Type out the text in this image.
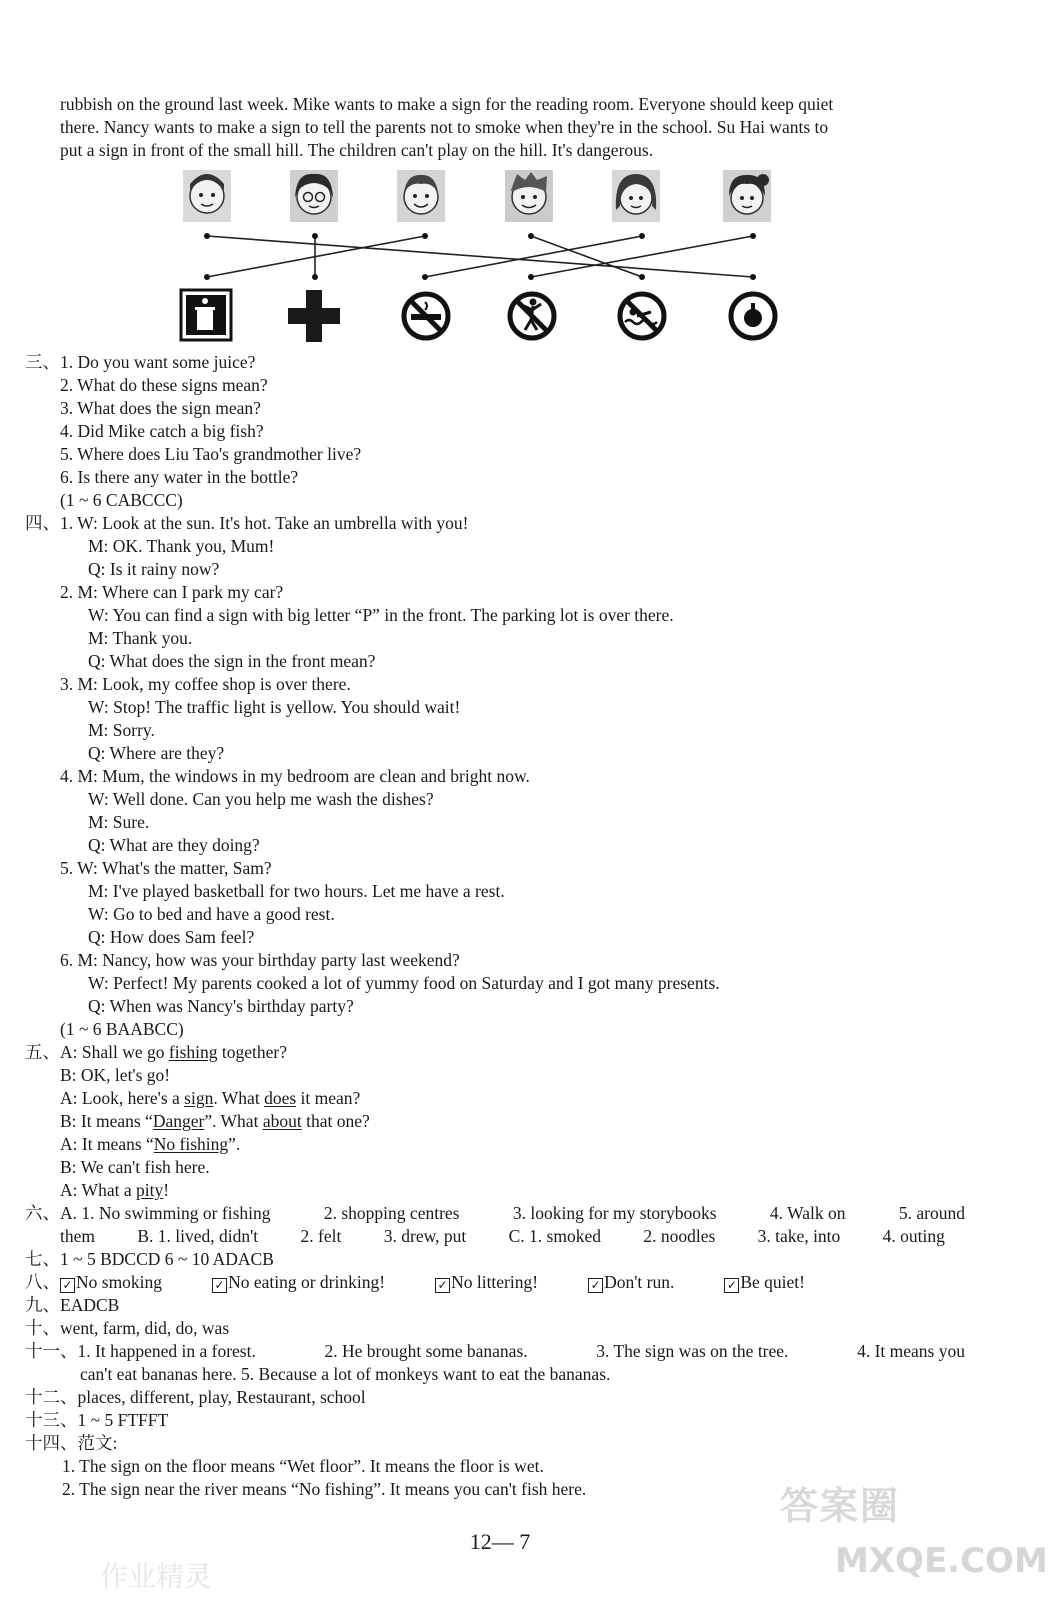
rubbish on the ground last week. Mike wants to make a sign for the reading room. Everyone should keep quiet
there. Nancy wants to make a sign to tell the parents not to smoke when they're in the school. Su Hai wants to
put a sign in front of the small hill. The children can't play on the hill. It's dangerous.
三、 1. Do you want some juice?
2. What do these signs mean?
3. What does the sign mean?
4. Did Mike catch a big fish?
5. Where does Liu Tao's grandmother live?
6. Is there any water in the bottle?
(1 ~ 6 CABCCC)
四、 1. W: Look at the sun. It's hot. Take an umbrella with you!
M: OK. Thank you, Mum!
Q: Is it rainy now?
2. M: Where can I park my car?
W: You can find a sign with big letter “P” in the front. The parking lot is over there.
M: Thank you.
Q: What does the sign in the front mean?
3. M: Look, my coffee shop is over there.
W: Stop! The traffic light is yellow. You should wait!
M: Sorry.
Q: Where are they?
4. M: Mum, the windows in my bedroom are clean and bright now.
W: Well done. Can you help me wash the dishes?
M: Sure.
Q: What are they doing?
5. W: What's the matter, Sam?
M: I've played basketball for two hours. Let me have a rest.
W: Go to bed and have a good rest.
Q: How does Sam feel?
6. M: Nancy, how was your birthday party last weekend?
W: Perfect! My parents cooked a lot of yummy food on Saturday and I got many presents.
Q: When was Nancy's birthday party?
(1 ~ 6 BAABCC)
五、 A: Shall we go fishing together?
B: OK, let's go!
A: Look, here's a sign. What does it mean?
B: It means “Danger”. What about that one?
A: It means “No fishing”.
B: We can't fish here.
A: What a pity!
六、 A. 1. No swimming or fishing	2. shopping centres	3. looking for my storybooks	4. Walk on	5. around
them B. 1. lived, didn't 2. felt 3. drew, put C. 1. smoked 2. noodles 3. take, into 4. outing
七、1 ~ 5 BDCCD 6 ~ 10 ADACB
八、 ✓ No smoking	✓ No eating or drinking!	✓ No littering!	✓ Don't run.	✓ Be quiet!
九、EADCB
十、went, farm, did, do, was
十一、1. It happened in a forest.	2. He brought some bananas.	3. The sign was on the tree.	4. It means you
can't eat bananas here. 5. Because a lot of monkeys want to eat the bananas.
十二、places, different, play, Restaurant, school
十三、1 ~ 5 FTFFT
十四、范文:
1. The sign on the floor means “Wet floor”. It means the floor is wet.
2. The sign near the river means “No fishing”. It means you can't fish here.
12— 7
答案圈
MXQE.COM
作业精灵
